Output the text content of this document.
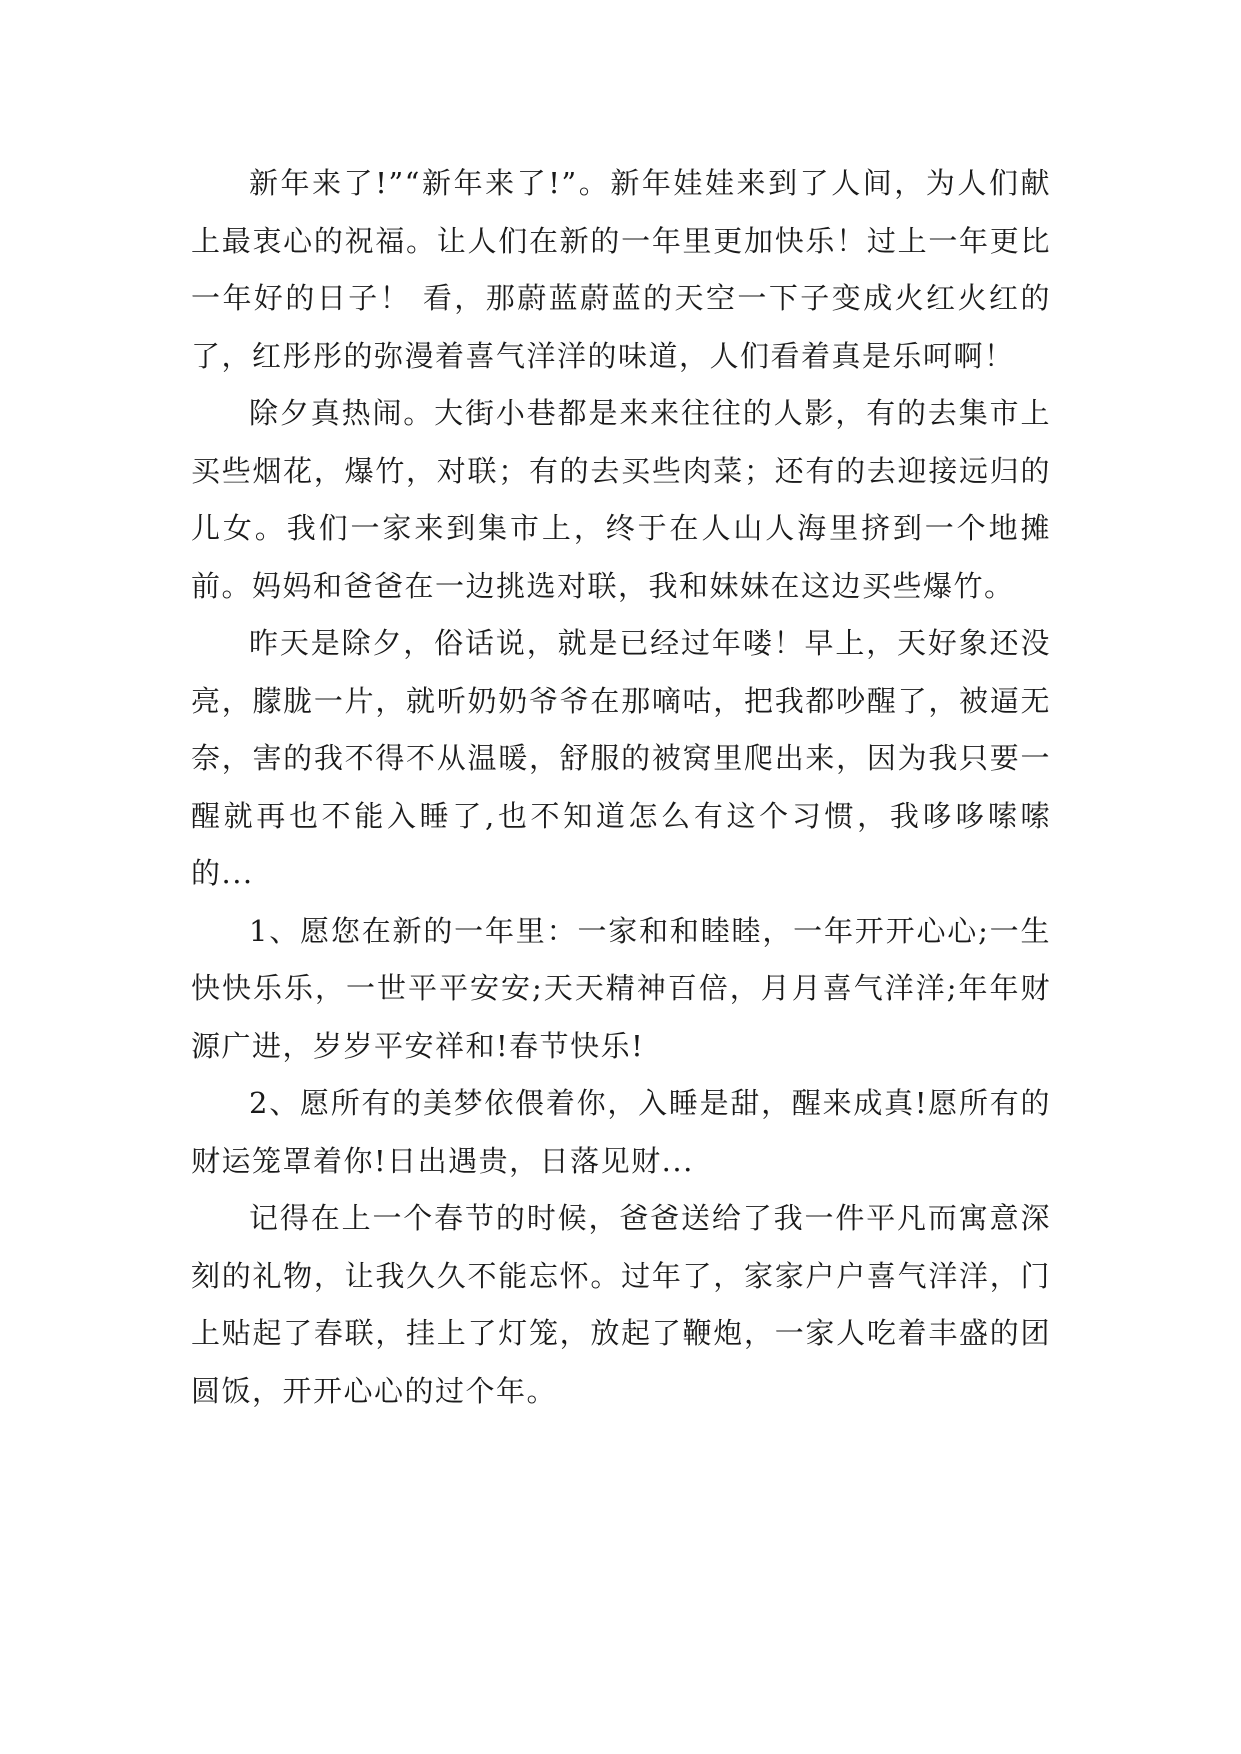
新年来了!”“新年来了!”。新年娃娃来到了人间，为人们献上最衷心的祝福。让人们在新的一年里更加快乐！过上一年更比一年好的日子！ 看，那蔚蓝蔚蓝的天空一下子变成火红火红的了，红彤彤的弥漫着喜气洋洋的味道，人们看着真是乐呵啊！

除夕真热闹。大街小巷都是来来往往的人影，有的去集市上买些烟花，爆竹，对联；有的去买些肉菜；还有的去迎接远归的儿女。我们一家来到集市上，终于在人山人海里挤到一个地摊前。妈妈和爸爸在一边挑选对联，我和妹妹在这边买些爆竹。

昨天是除夕，俗话说，就是已经过年喽！早上，天好象还没亮，朦胧一片，就听奶奶爷爷在那嘀咕，把我都吵醒了，被逼无奈，害的我不得不从温暖，舒服的被窝里爬出来，因为我只要一醒就再也不能入睡了,也不知道怎么有这个习惯，我哆哆嗦嗦的...

1、愿您在新的一年里：一家和和睦睦，一年开开心心;一生快快乐乐，一世平平安安;天天精神百倍，月月喜气洋洋;年年财源广进，岁岁平安祥和!春节快乐!

2、愿所有的美梦依偎着你，入睡是甜，醒来成真!愿所有的财运笼罩着你!日出遇贵，日落见财...

记得在上一个春节的时候，爸爸送给了我一件平凡而寓意深刻的礼物，让我久久不能忘怀。过年了，家家户户喜气洋洋，门上贴起了春联，挂上了灯笼，放起了鞭炮，一家人吃着丰盛的团圆饭，开开心心的过个年。
